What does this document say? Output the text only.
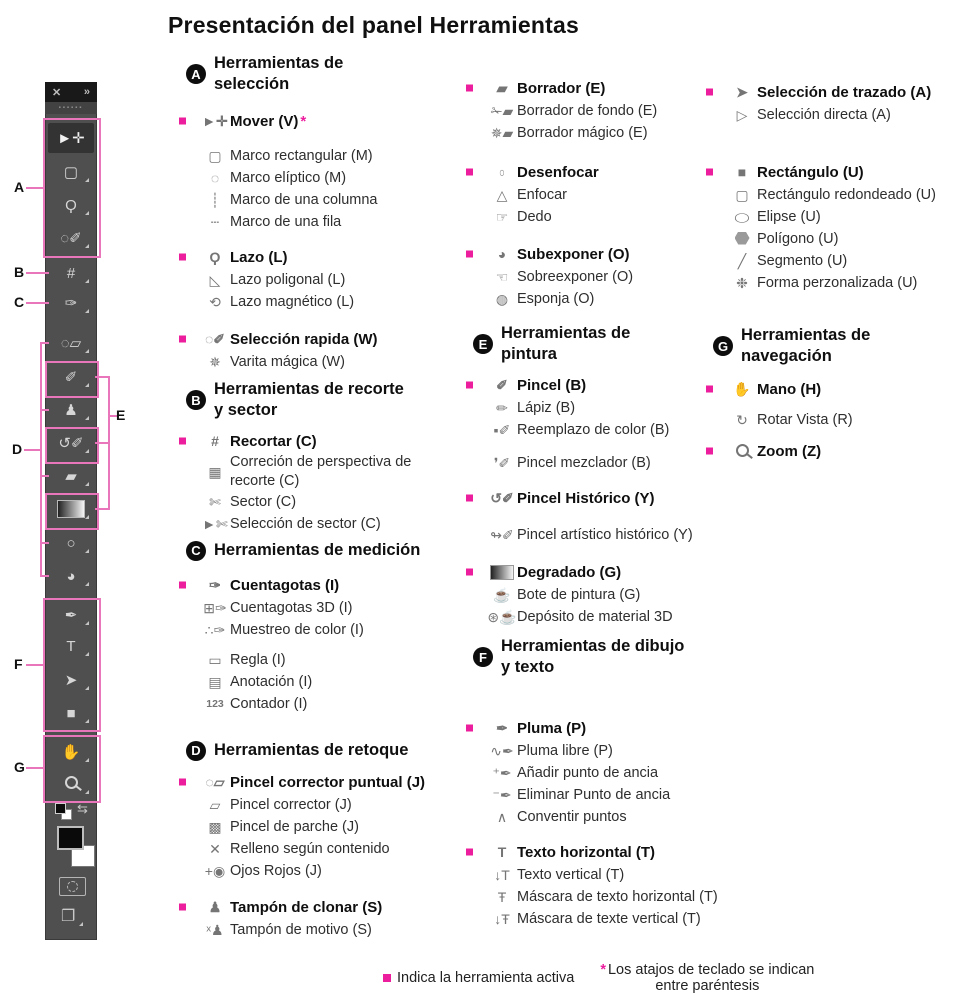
Presentación del panel Herramientas
✕ »
▪▪▪▪▪▪
⇆
❐
Indica la herramienta activa * Los atajos de teclado se indican
entre paréntesis
A
Herramientas de
selección
►✛ Mover (V) *
▢ Marco rectangular (M)
◌ Marco elíptico (M)
┊ Marco de una columna
┄ Marco de una fila
Ϙ Lazo (L)
◺ Lazo poligonal (L)
⟲ Lazo magnético (L)
◌✐ Selección rapida (W)
✵ Varita mágica (W)
B
Herramientas de recorte
y sector
# Recortar (C)
▦
Correción de perspectiva de recorte (C)
✄ Sector (C)
►✄ Selección de sector (C)
C Herramientas de medición
✑ Cuentagotas (I)
⊞✑ Cuentagotas 3D (I)
∴✑ Muestreo de color (I)
▭ Regla (I)
▤ Anotación (I)
123 Contador (I)
D Herramientas de retoque
◌▱ Pincel corrector puntual (J)
▱ Pincel corrector (J)
▩ Pincel de parche (J)
✕ Relleno según contenido
+◉ Ojos Rojos (J)
♟ Tampón de clonar (S)
ˣ♟ Tampón de motivo (S)
▰ Borrador (E)
✁▰ Borrador de fondo (E)
✵▰ Borrador mágico (E)
○ Desenfocar
△ Enfocar
☞ Dedo
◕ Subexponer (O)
☜ Sobreexponer (O)
◍ Esponja (O)
E
Herramientas de
pintura
✐ Pincel (B)
✏ Lápiz (B)
▪✐ Reemplazo de color (B)
❜✐ Pincel mezclador (B)
↺✐ Pincel Histórico (Y)
↬✐ Pincel artístico histórico (Y)
Degradado (G)
☕ Bote de pintura (G)
⊛☕ Depósito de material 3D
F
Herramientas de dibujo
y texto
✒ Pluma (P)
∿✒ Pluma libre (P)
⁺✒ Añadir punto de ancia
⁻✒ Eliminar Punto de ancia
∧ Conventir puntos
T Texto horizontal (T)
↓T Texto vertical (T)
Ŧ Máscara de texto horizontal (T)
↓Ŧ Máscara de texte vertical (T)
➤ Selección de trazado (A)
▷ Selección directa (A)
■ Rectángulo (U)
▢ Rectángulo redondeado (U)
◯ Elipse (U)
Polígono (U)
╱ Segmento (U)
❉ Forma perzonalizada (U)
G
Herramientas de
navegación
✋ Mano (H)
↻ Rotar Vista (R)
Zoom (Z)
►✛
▢
Ϙ
◌✐
#
✑
◌▱
✐
♟
↺✐
▰
○
◕
✒
T
➤
■
✋
A
B
C
D
E
F
G
